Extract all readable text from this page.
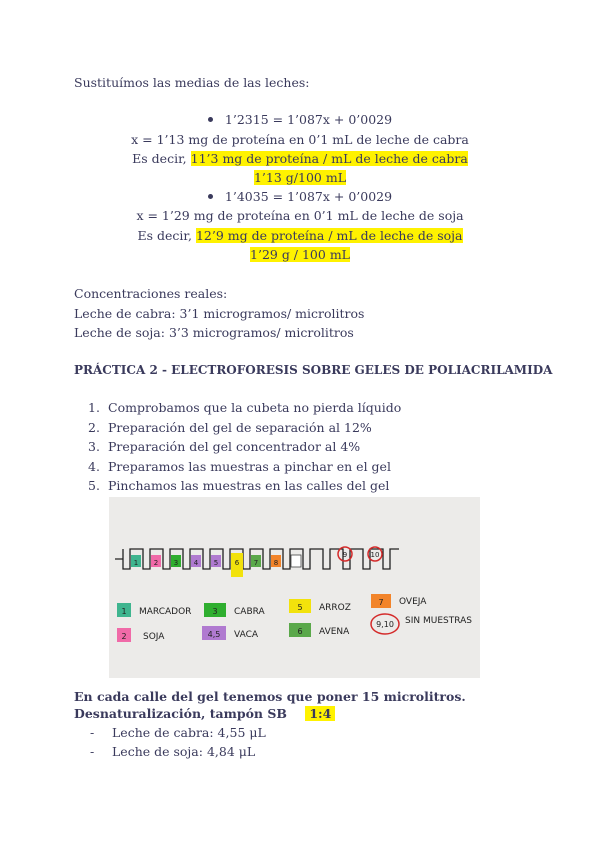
Sustituímos las medias de las leches:
1’2315 = 1’087x + 0’0029
x = 1’13 mg de proteína en 0’1 mL de leche de cabra
Es decir, 11’3 mg de proteína / mL de leche de cabra
1’13 g/100 mL
1’4035 = 1’087x + 0’0029
x = 1’29 mg de proteína en 0’1 mL de leche de soja
Es decir, 12’9 mg de proteína / mL de leche de soja
1’29 g / 100 mL
Concentraciones reales:
Leche de cabra: 3’1 microgramos/ microlitros
Leche de soja: 3’3 microgramos/ microlitros
PRÁCTICA 2 - ELECTROFORESIS SOBRE GELES DE POLIACRILAMIDA
1. Comprobamos que la cubeta no pierda líquido
2. Preparación del gel de separación al 12%
3. Preparación del gel concentrador al 4%
4. Preparamos las muestras a pinchar en el gel
5. Pinchamos las muestras en las calles del gel
1 2 3 4 5 6 7 8
9	10
1 MARCADOR	3 CABRA	5 ARROZ
7 OVEJA
2 SOJA	4,5 VACA	6 AVENA
9,10 SIN MUESTRAS
En cada calle del gel tenemos que poner 15 microlitros.
Desnaturalización, tampón SB 1:4
- Leche de cabra: 4,55 μL
- Leche de soja: 4,84 μL
